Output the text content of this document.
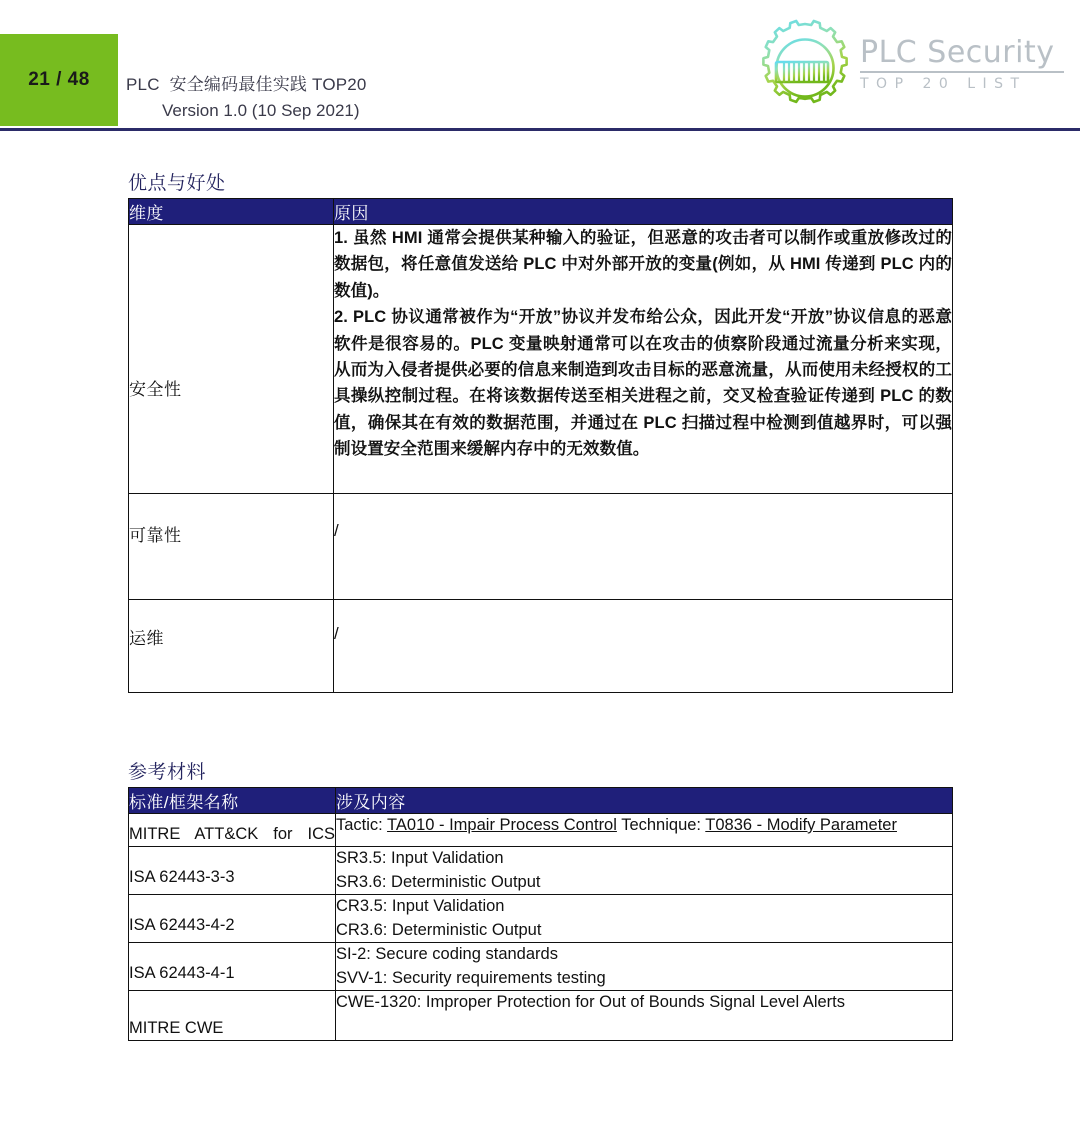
21 / 48 PLC  安全编码最佳实践 TOP20
Version 1.0 (10 Sep 2021)
PLC Security
TOP 20 LIST
优点与好处
维度	原因
安全性	1. 虽然 HMI 通常会提供某种输入的验证，但恶意的攻击者可以制作或重放修改过的数据包，将任意值发送给 PLC 中对外部开放的变量(例如，从 HMI 传递到 PLC 内的数值)。

2. PLC 协议通常被作为“开放”协议并发布给公众，因此开发“开放”协议信息的恶意软件是很容易的。PLC 变量映射通常可以在攻击的侦察阶段通过流量分析来实现，从而为入侵者提供必要的信息来制造到攻击目标的恶意流量，从而使用未经授权的工具操纵控制过程。在将该数据传送至相关进程之前，交叉检查验证传递到 PLC 的数值，确保其在有效的数据范围，并通过在 PLC 扫描过程中检测到值越界时，可以强制设置安全范围来缓解内存中的无效数值。

可靠性	/
运维	/
参考材料
标准/框架名称	涉及内容
MITRE ATT&CK for ICS	Tactic: TA010 - Impair Process Control Technique: T0836 - Modify Parameter
ISA 62443-3-3	SR3.5: Input Validation
SR3.6: Deterministic Output

ISA 62443-4-2	CR3.5: Input Validation
CR3.6: Deterministic Output

ISA 62443-4-1	SI-2: Secure coding standards
SVV-1: Security requirements testing

MITRE CWE	CWE-1320: Improper Protection for Out of Bounds Signal Level Alerts
